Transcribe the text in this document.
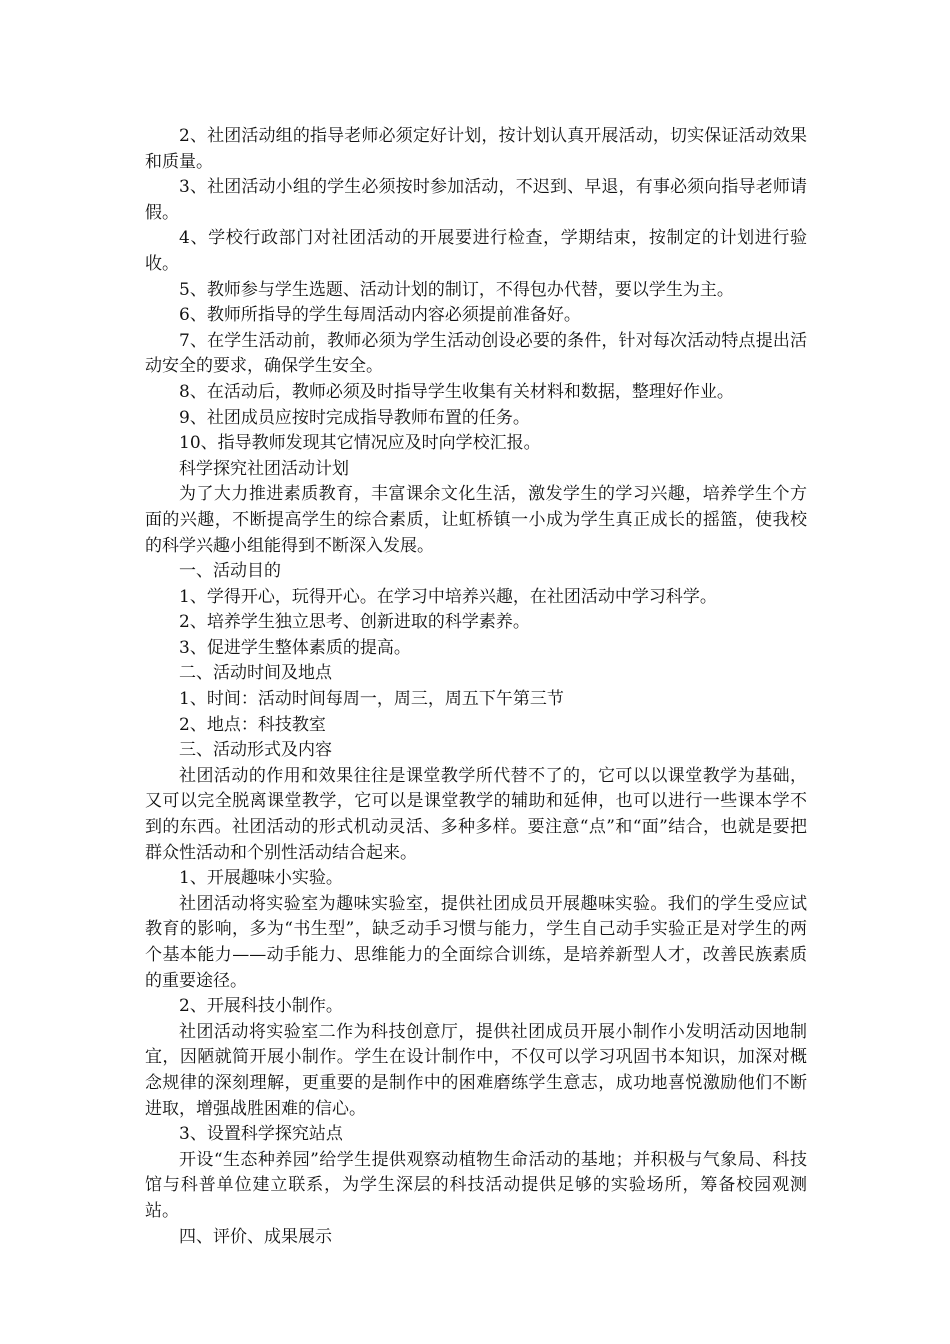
2、社团活动组的指导老师必须定好计划，按计划认真开展活动，切实保证活动效果和质量。

3、社团活动小组的学生必须按时参加活动，不迟到、早退，有事必须向指导老师请假。

4、学校行政部门对社团活动的开展要进行检查，学期结束，按制定的计划进行验收。

5、教师参与学生选题、活动计划的制订，不得包办代替，要以学生为主。

6、教师所指导的学生每周活动内容必须提前准备好。

7、在学生活动前，教师必须为学生活动创设必要的条件，针对每次活动特点提出活动安全的要求，确保学生安全。

8、在活动后，教师必须及时指导学生收集有关材料和数据，整理好作业。

9、社团成员应按时完成指导教师布置的任务。

10、指导教师发现其它情况应及时向学校汇报。

科学探究社团活动计划

为了大力推进素质教育，丰富课余文化生活，激发学生的学习兴趣，培养学生个方面的兴趣，不断提高学生的综合素质，让虹桥镇一小成为学生真正成长的摇篮，使我校的科学兴趣小组能得到不断深入发展。

一、活动目的

1、学得开心，玩得开心。在学习中培养兴趣，在社团活动中学习科学。

2、培养学生独立思考、创新进取的科学素养。

3、促进学生整体素质的提高。

二、活动时间及地点

1、时间：活动时间每周一，周三，周五下午第三节

2、地点：科技教室

三、活动形式及内容

社团活动的作用和效果往往是课堂教学所代替不了的，它可以以课堂教学为基础，又可以完全脱离课堂教学，它可以是课堂教学的辅助和延伸，也可以进行一些课本学不到的东西。社团活动的形式机动灵活、多种多样。要注意“点”和“面”结合，也就是要把群众性活动和个别性活动结合起来。

1、开展趣味小实验。

社团活动将实验室为趣味实验室，提供社团成员开展趣味实验。我们的学生受应试教育的影响，多为“书生型”，缺乏动手习惯与能力，学生自己动手实验正是对学生的两个基本能力——动手能力、思维能力的全面综合训练，是培养新型人才，改善民族素质的重要途径。

2、开展科技小制作。

社团活动将实验室二作为科技创意厅，提供社团成员开展小制作小发明活动因地制宜，因陋就简开展小制作。学生在设计制作中，不仅可以学习巩固书本知识，加深对概念规律的深刻理解，更重要的是制作中的困难磨练学生意志，成功地喜悦激励他们不断进取，增强战胜困难的信心。

3、设置科学探究站点

开设“生态种养园”给学生提供观察动植物生命活动的基地；并积极与气象局、科技馆与科普单位建立联系，为学生深层的科技活动提供足够的实验场所，筹备校园观测站。

四、评价、成果展示
